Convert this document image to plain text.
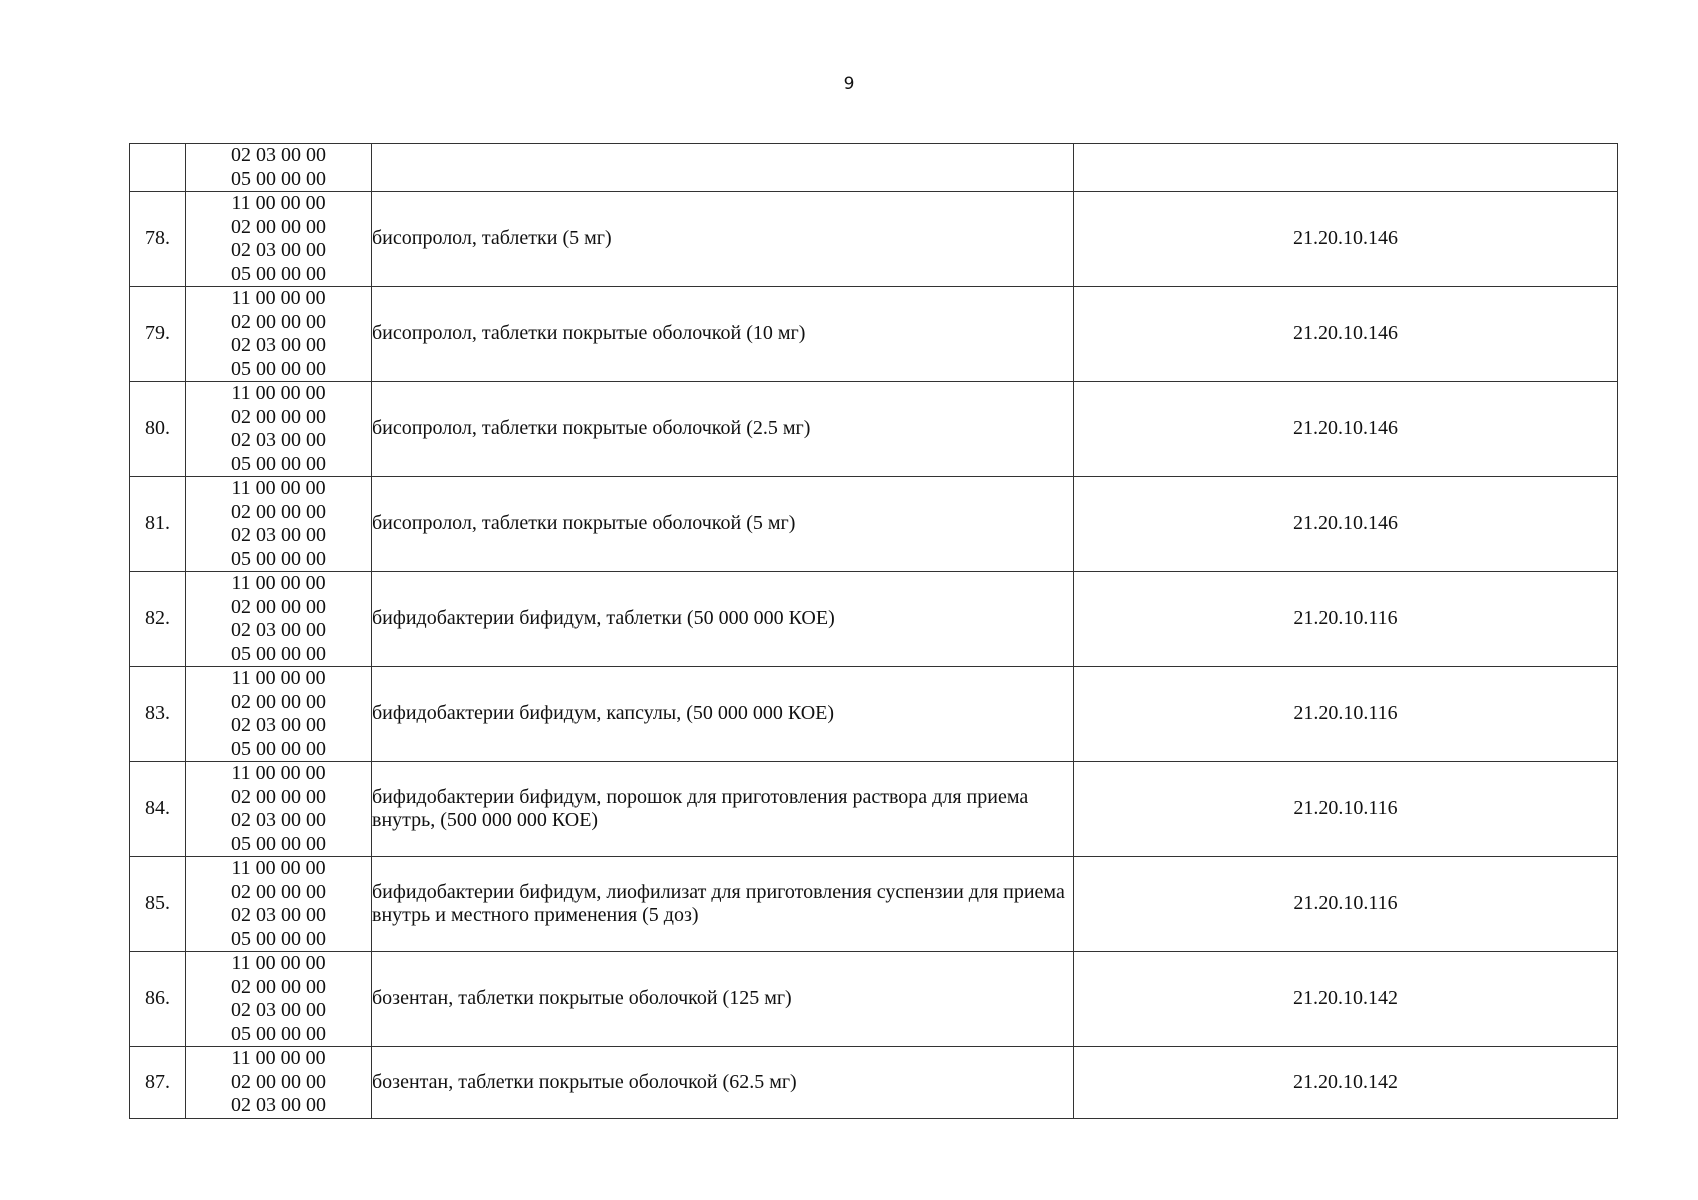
9

	02 03 00 00
05 00 00 00		

78.	11 00 00 00
02 00 00 00
02 03 00 00
05 00 00 00	бисопролол, таблетки (5 мг)	21.20.10.146
79.	11 00 00 00
02 00 00 00
02 03 00 00
05 00 00 00	бисопролол, таблетки покрытые оболочкой (10 мг)	21.20.10.146
80.	11 00 00 00
02 00 00 00
02 03 00 00
05 00 00 00	бисопролол, таблетки покрытые оболочкой (2.5 мг)	21.20.10.146
81.	11 00 00 00
02 00 00 00
02 03 00 00
05 00 00 00	бисопролол, таблетки покрытые оболочкой (5 мг)	21.20.10.146
82.	11 00 00 00
02 00 00 00
02 03 00 00
05 00 00 00	бифидобактерии бифидум, таблетки (50 000 000 КОЕ)	21.20.10.116
83.	11 00 00 00
02 00 00 00
02 03 00 00
05 00 00 00	бифидобактерии бифидум, капсулы, (50 000 000 КОЕ)	21.20.10.116
84.	11 00 00 00
02 00 00 00
02 03 00 00
05 00 00 00	бифидобактерии бифидум, порошок для приготовления раствора для приема внутрь, (500 000 000 КОЕ)	21.20.10.116
85.	11 00 00 00
02 00 00 00
02 03 00 00
05 00 00 00	бифидобактерии бифидум, лиофилизат для приготовления суспензии для приема внутрь и местного применения (5 доз)	21.20.10.116
86.	11 00 00 00
02 00 00 00
02 03 00 00
05 00 00 00	бозентан, таблетки покрытые оболочкой (125 мг)	21.20.10.142
87.	11 00 00 00
02 00 00 00
02 03 00 00	бозентан, таблетки покрытые оболочкой (62.5 мг)	21.20.10.142
